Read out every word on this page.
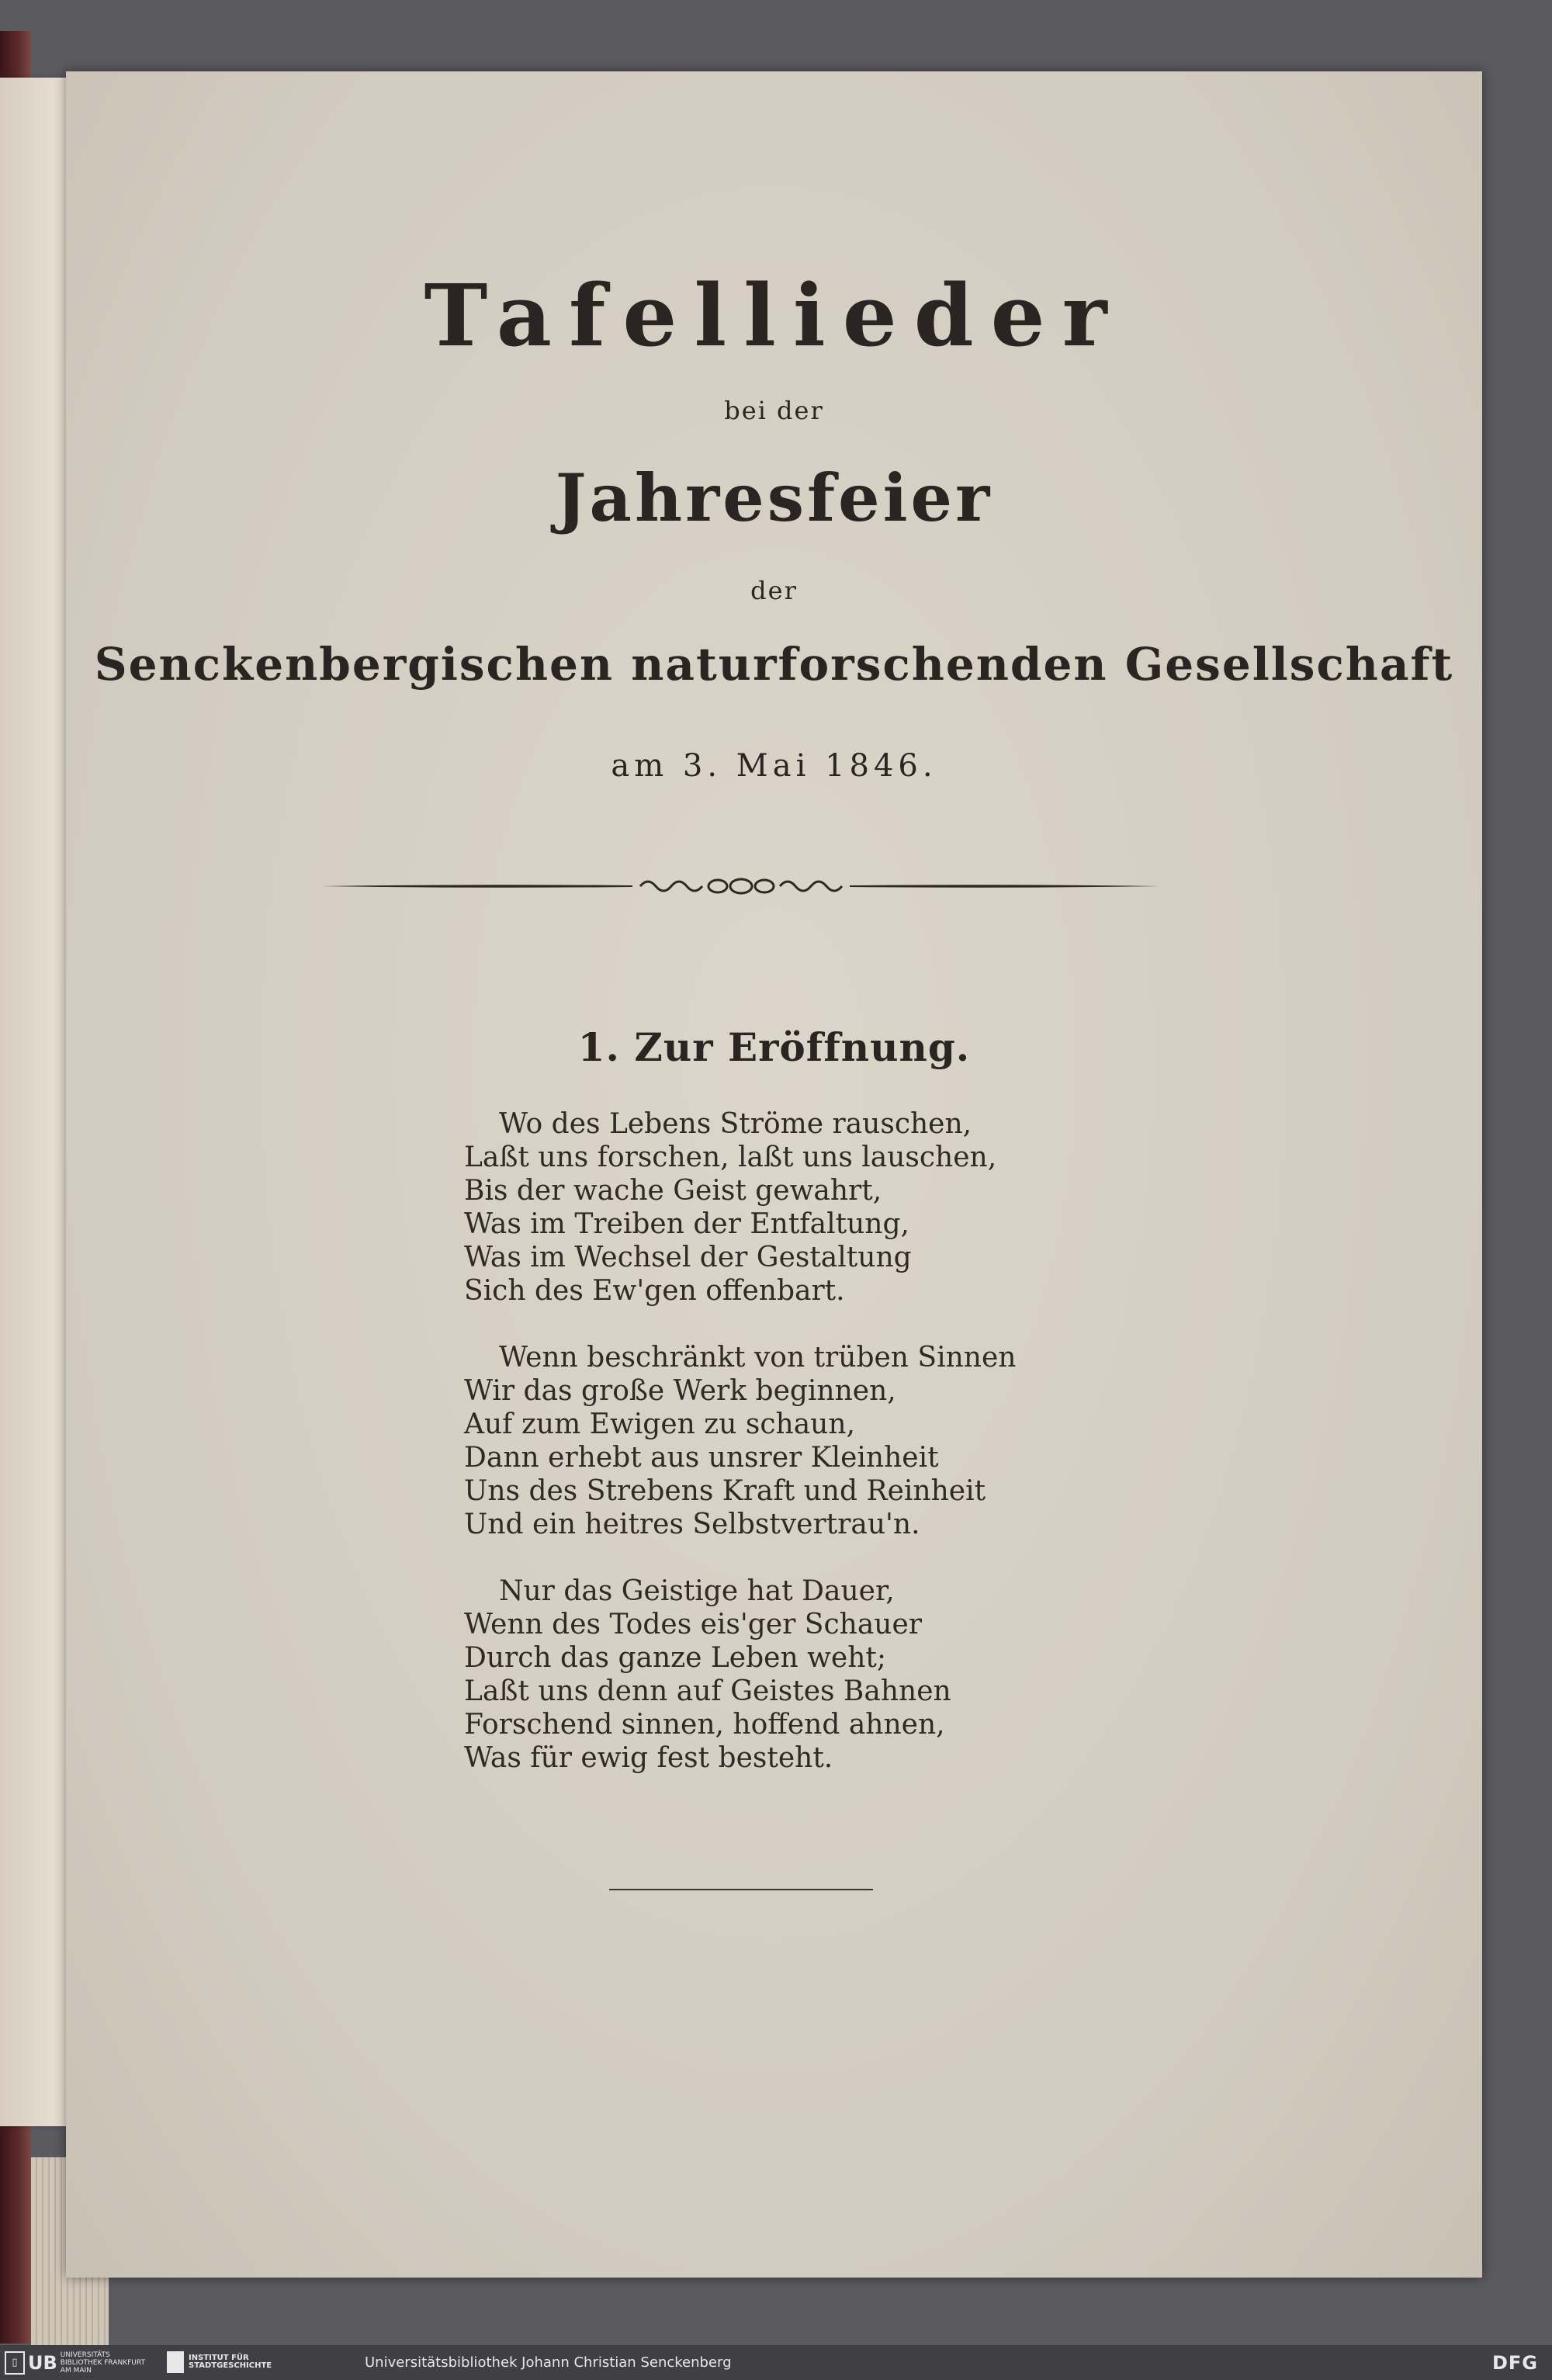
Tafellieder
bei der
Jahresfeier
der
Senckenbergischen naturforschenden Gesellschaft
am 3. Mai 1846.
1. Zur Eröffnung.
Wo des Lebens Ströme rauschen,
Laßt uns forschen, laßt uns lauschen,
Bis der wache Geist gewahrt,
Was im Treiben der Entfaltung,
Was im Wechsel der Gestaltung
Sich des Ew'gen offenbart.
Wenn beschränkt von trüben Sinnen
Wir das große Werk beginnen,
Auf zum Ewigen zu schaun,
Dann erhebt aus unsrer Kleinheit
Uns des Strebens Kraft und Reinheit
Und ein heitres Selbstvertrau'n.
Nur das Geistige hat Dauer,
Wenn des Todes eis'ger Schauer
Durch das ganze Leben weht;
Laßt uns denn auf Geistes Bahnen
Forschend sinnen, hoffend ahnen,
Was für ewig fest besteht.
▯ UB UNIVERSITÄTS BIBLIOTHEK FRANKFURT AM MAIN
INSTITUT FÜR STADTGESCHICHTE	Universitätsbibliothek Johann Christian Senckenberg	DFG
